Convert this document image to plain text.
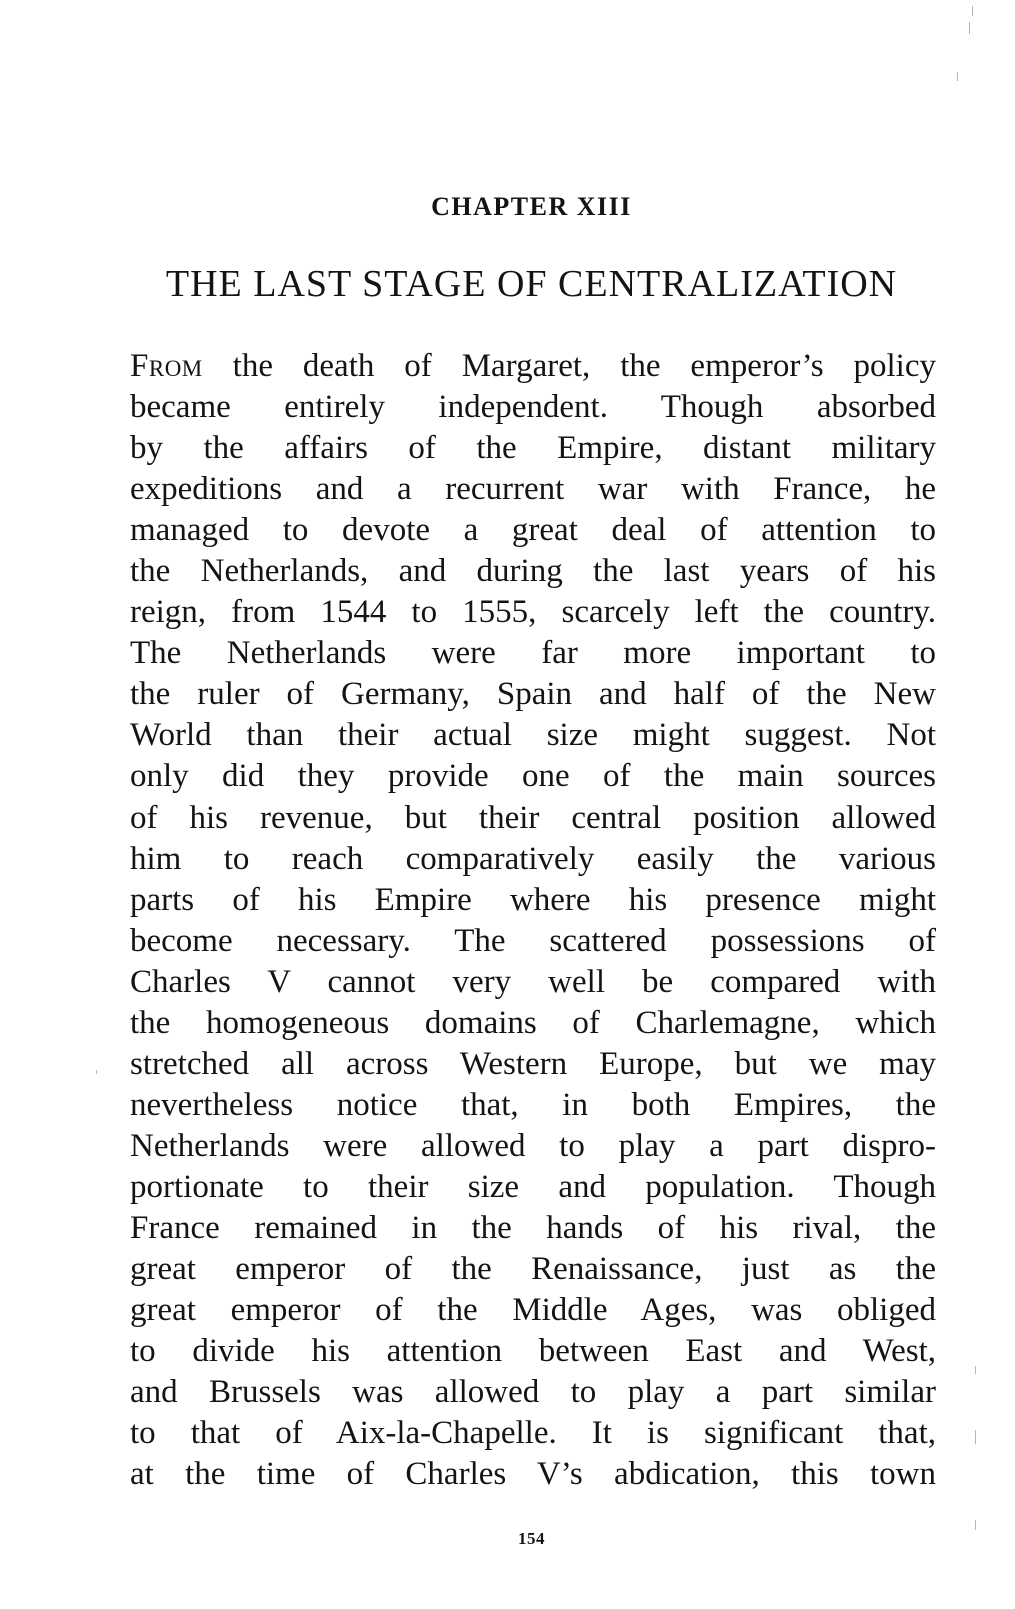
CHAPTER XIII
THE LAST STAGE OF CENTRALIZATION
From the death of Margaret, the emperor’s policy
became entirely independent. Though absorbed
by the affairs of the Empire, distant military
expeditions and a recurrent war with France, he
managed to devote a great deal of attention to
the Netherlands, and during the last years of his
reign, from 1544 to 1555, scarcely left the country.
The Netherlands were far more important to
the ruler of Germany, Spain and half of the New
World than their actual size might suggest. Not
only did they provide one of the main sources
of his revenue, but their central position allowed
him to reach comparatively easily the various
parts of his Empire where his presence might
become necessary. The scattered possessions of
Charles V cannot very well be compared with
the homogeneous domains of Charlemagne, which
stretched all across Western Europe, but we may
nevertheless notice that, in both Empires, the
Netherlands were allowed to play a part dispro-
portionate to their size and population. Though
France remained in the hands of his rival, the
great emperor of the Renaissance, just as the
great emperor of the Middle Ages, was obliged
to divide his attention between East and West,
and Brussels was allowed to play a part similar
to that of Aix-la-Chapelle. It is significant that,
at the time of Charles V’s abdication, this town
154
